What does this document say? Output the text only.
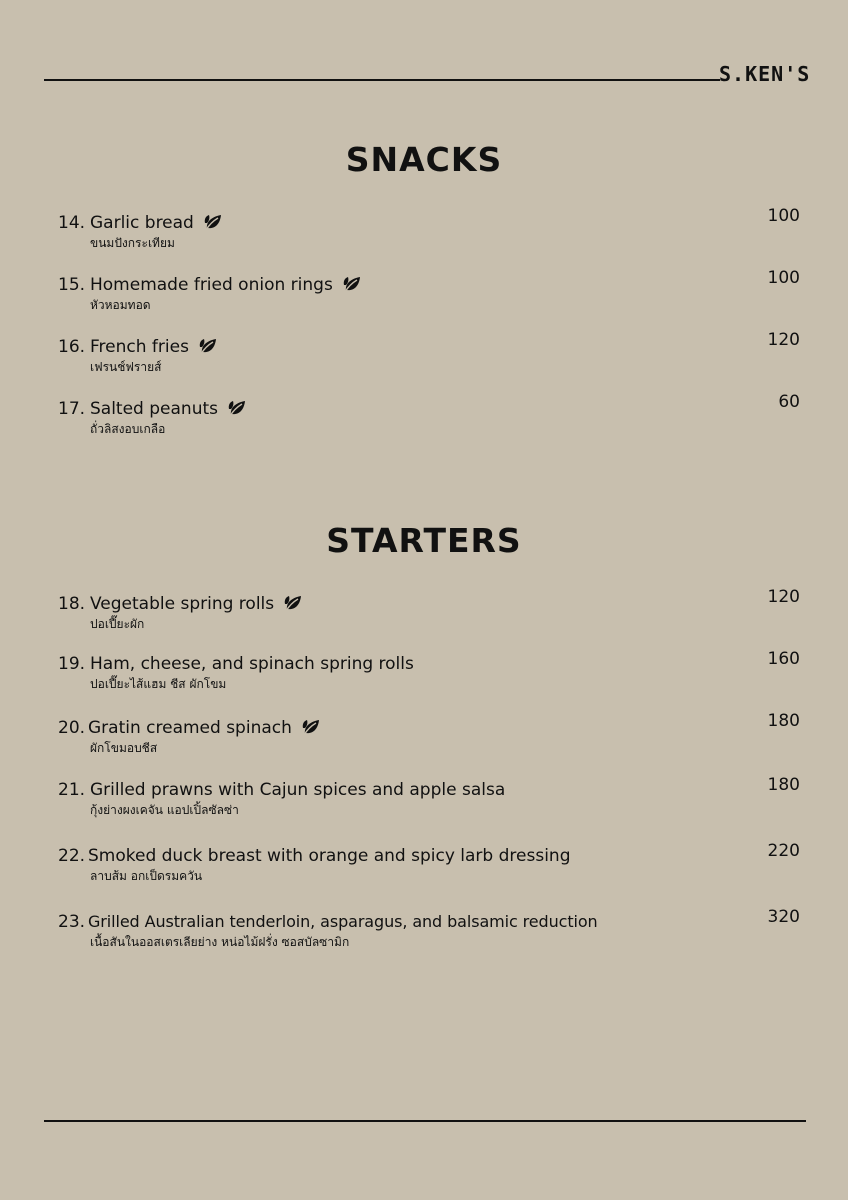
S.KEN'S
SNACKS
14. Garlic bread
ขนมปังกระเทียม
100
15. Homemade fried onion rings
หัวหอมทอด
100
16. French fries
เฟรนช์ฟรายส์
120
17. Salted peanuts
ถั่วลิสงอบเกลือ
60
STARTERS
18. Vegetable spring rolls
ปอเปี๊ยะผัก
120
19. Ham, cheese, and spinach spring rolls
ปอเปี๊ยะไส้แฮม ชีส ผักโขม
160
20. Gratin creamed spinach
ผักโขมอบชีส
180
21. Grilled prawns with Cajun spices and apple salsa
กุ้งย่างผงเคจัน แอปเปิ้ลซัลซ่า
180
22. Smoked duck breast with orange and spicy larb dressing
ลาบส้ม อกเป็ดรมควัน
220
23. Grilled Australian tenderloin, asparagus, and balsamic reduction
เนื้อสันในออสเตรเลียย่าง หน่อไม้ฝรั่ง ซอสบัลซามิก
320
